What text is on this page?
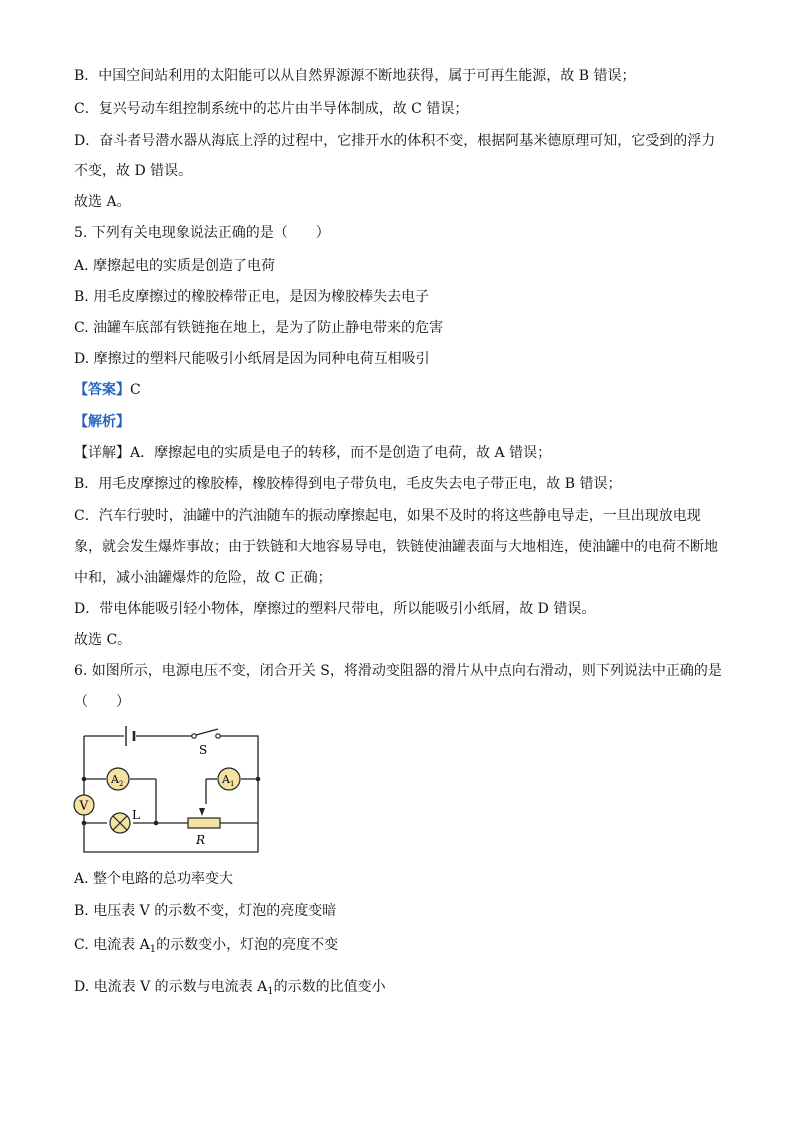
B．中国空间站利用的太阳能可以从自然界源源不断地获得，属于可再生能源，故 B 错误；
C．复兴号动车组控制系统中的芯片由半导体制成，故 C 错误；
D．奋斗者号潜水器从海底上浮的过程中，它排开水的体积不变，根据阿基米德原理可知，它受到的浮力
不变，故 D 错误。
故选 A。
5. 下列有关电现象说法正确的是（　　）
A. 摩擦起电的实质是创造了电荷
B. 用毛皮摩擦过的橡胶棒带正电，是因为橡胶棒失去电子
C. 油罐车底部有铁链拖在地上，是为了防止静电带来的危害
D. 摩擦过的塑料尺能吸引小纸屑是因为同种电荷互相吸引
【答案】C
【解析】
【详解】A．摩擦起电的实质是电子的转移，而不是创造了电荷，故 A 错误；
B．用毛皮摩擦过的橡胶棒，橡胶棒得到电子带负电，毛皮失去电子带正电，故 B 错误；
C．汽车行驶时，油罐中的汽油随车的振动摩擦起电，如果不及时的将这些静电导走，一旦出现放电现
象，就会发生爆炸事故；由于铁链和大地容易导电，铁链使油罐表面与大地相连，使油罐中的电荷不断地
中和，减小油罐爆炸的危险，故 C 正确；
D．带电体能吸引轻小物体，摩擦过的塑料尺带电，所以能吸引小纸屑，故 D 错误。
故选 C。
6. 如图所示，电源电压不变，闭合开关 S，将滑动变阻器的滑片从中点向右滑动，则下列说法中正确的是
（　　）
S
V
A 2	A 1
L
R
A. 整个电路的总功率变大
B. 电压表 V 的示数不变，灯泡的亮度变暗
C. 电流表 $A_1$的示数变小，灯泡的亮度不变
D. 电流表 V 的示数与电流表 $A_1$的示数的比值变小
